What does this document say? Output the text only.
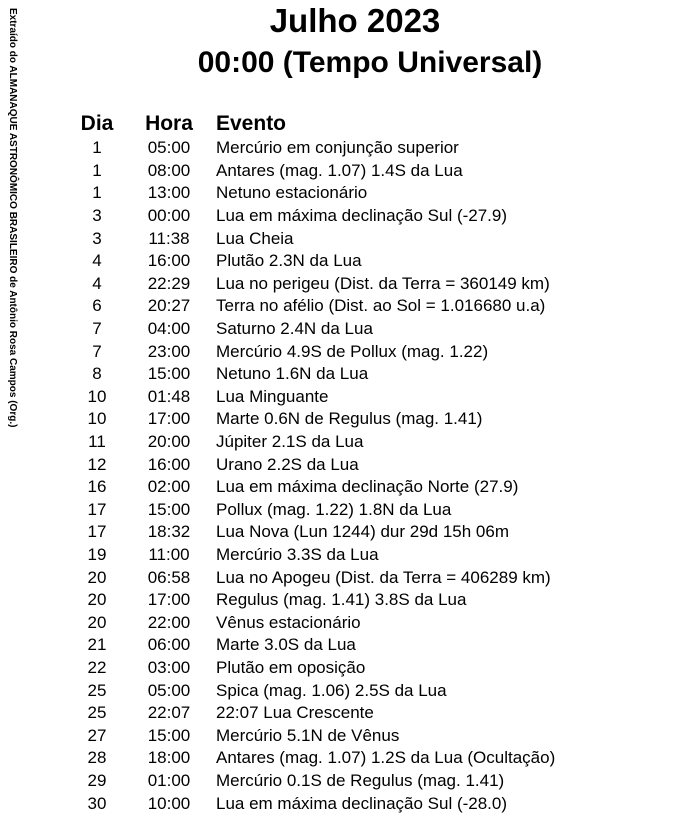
Extraído do ALMANAQUE ASTRONÔMICO BRASILEIRO de Antônio Rosa Campos (Org.)	Julho 2023
00:00 (Tempo Universal)
Dia	Hora	Evento
1	05:00	Mercúrio em conjunção superior
1	08:00	Antares (mag. 1.07) 1.4S da Lua
1	13:00	Netuno estacionário
3	00:00	Lua em máxima declinação Sul (-27.9)
3	11:38	Lua Cheia
4	16:00	Plutão 2.3N da Lua
4	22:29	Lua no perigeu (Dist. da Terra = 360149 km)
6	20:27	Terra no afélio (Dist. ao Sol = 1.016680 u.a)
7	04:00	Saturno 2.4N da Lua
7	23:00	Mercúrio 4.9S de Pollux (mag. 1.22)
8	15:00	Netuno 1.6N da Lua
10	01:48	Lua Minguante
10	17:00	Marte 0.6N de Regulus (mag. 1.41)
11	20:00	Júpiter 2.1S da Lua
12	16:00	Urano 2.2S da Lua
16	02:00	Lua em máxima declinação Norte (27.9)
17	15:00	Pollux (mag. 1.22) 1.8N da Lua
17	18:32	Lua Nova (Lun 1244) dur 29d 15h 06m
19	11:00	Mercúrio 3.3S da Lua
20	06:58	Lua no Apogeu (Dist. da Terra = 406289 km)
20	17:00	Regulus (mag. 1.41) 3.8S da Lua
20	22:00	Vênus estacionário
21	06:00	Marte 3.0S da Lua
22	03:00	Plutão em oposição
25	05:00	Spica (mag. 1.06) 2.5S da Lua
25	22:07	22:07 Lua Crescente
27	15:00	Mercúrio 5.1N de Vênus
28	18:00	Antares (mag. 1.07) 1.2S da Lua (Ocultação)
29	01:00	Mercúrio 0.1S de Regulus (mag. 1.41)
30	10:00	Lua em máxima declinação Sul (-28.0)
